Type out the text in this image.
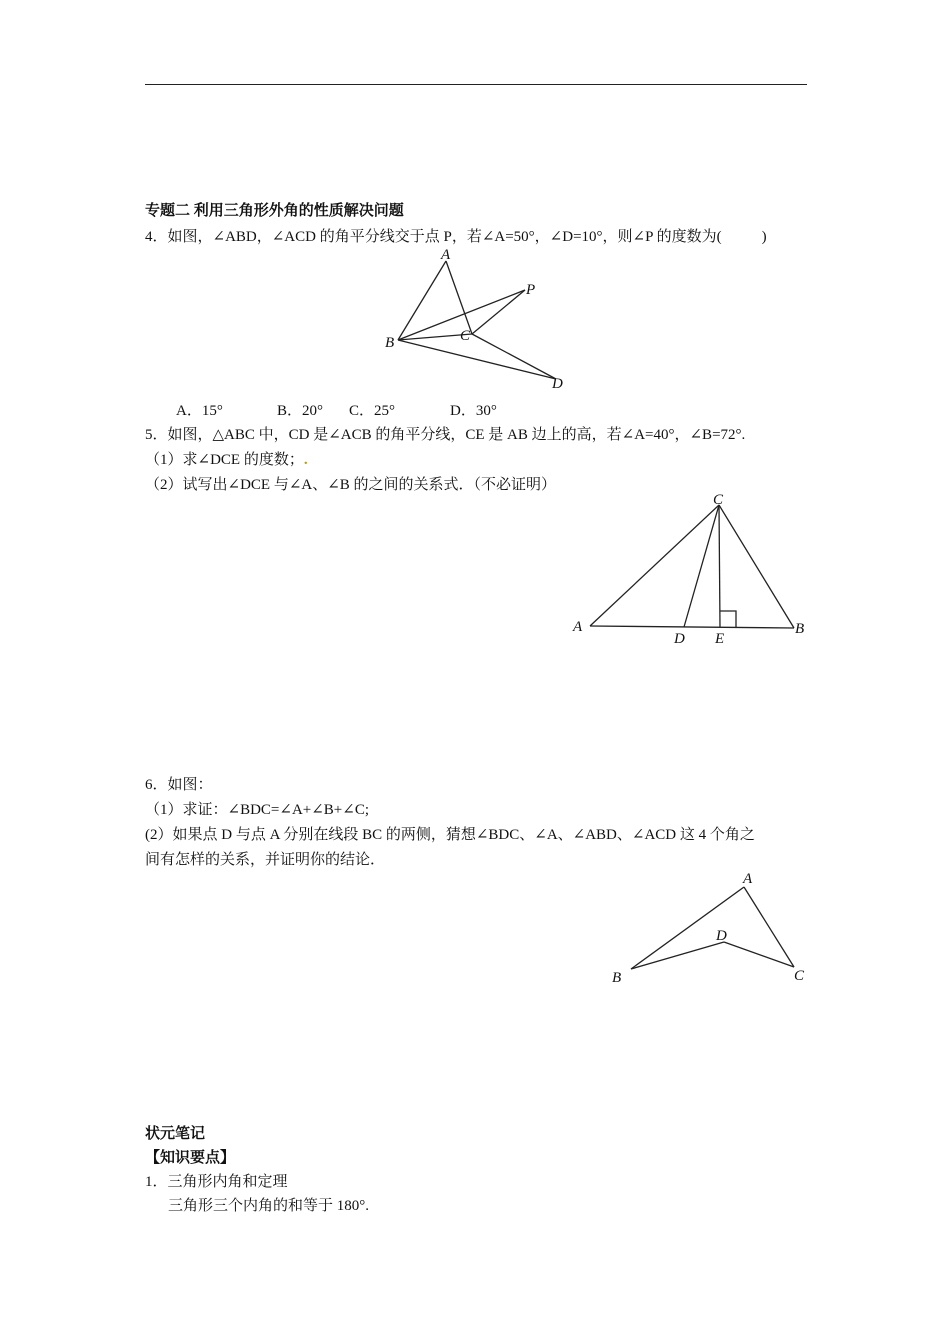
专题二 利用三角形外角的性质解决问题
4．如图，∠ABD，∠ACD 的角平分线交于点 P，若∠A=50°，∠D=10°，则∠P 的度数为(	)
A
B	C
D
P
A．15°	B．20° C．25°	D．30°
5．如图，△ABC 中，CD 是∠ACB 的角平分线，CE 是 AB 边上的高，若∠A=40°，∠B=72°.
（1）求∠DCE 的度数；.
（2）试写出∠DCE 与∠A、∠B 的之间的关系式．（不必证明）
C
A
D E
B
6．如图：
（1）求证：∠BDC=∠A+∠B+∠C;
(2）如果点 D 与点 A 分别在线段 BC 的两侧，猜想∠BDC、∠A、∠ABD、∠ACD 这 4 个角之
间有怎样的关系，并证明你的结论．
A
D
B	C
状元笔记
【知识要点】
1．三角形内角和定理
三角形三个内角的和等于 180°.
